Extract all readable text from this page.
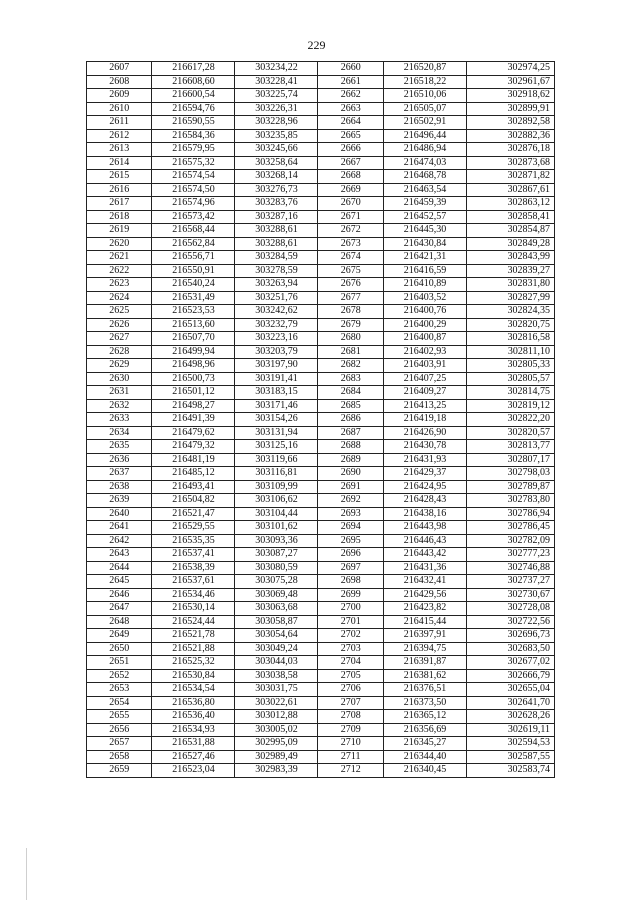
229
2607	216617,28	303234,22	2660	216520,87	302974,25
2608	216608,60	303228,41	2661	216518,22	302961,67
2609	216600,54	303225,74	2662	216510,06	302918,62
2610	216594,76	303226,31	2663	216505,07	302899,91
2611	216590,55	303228,96	2664	216502,91	302892,58
2612	216584,36	303235,85	2665	216496,44	302882,36
2613	216579,95	303245,66	2666	216486,94	302876,18
2614	216575,32	303258,64	2667	216474,03	302873,68
2615	216574,54	303268,14	2668	216468,78	302871,82
2616	216574,50	303276,73	2669	216463,54	302867,61
2617	216574,96	303283,76	2670	216459,39	302863,12
2618	216573,42	303287,16	2671	216452,57	302858,41
2619	216568,44	303288,61	2672	216445,30	302854,87
2620	216562,84	303288,61	2673	216430,84	302849,28
2621	216556,71	303284,59	2674	216421,31	302843,99
2622	216550,91	303278,59	2675	216416,59	302839,27
2623	216540,24	303263,94	2676	216410,89	302831,80
2624	216531,49	303251,76	2677	216403,52	302827,99
2625	216523,53	303242,62	2678	216400,76	302824,35
2626	216513,60	303232,79	2679	216400,29	302820,75
2627	216507,70	303223,16	2680	216400,87	302816,58
2628	216499,94	303203,79	2681	216402,93	302811,10
2629	216498,96	303197,90	2682	216403,91	302805,33
2630	216500,73	303191,41	2683	216407,25	302805,57
2631	216501,12	303183,15	2684	216409,27	302814,75
2632	216498,27	303171,46	2685	216413,25	302819,12
2633	216491,39	303154,26	2686	216419,18	302822,20
2634	216479,62	303131,94	2687	216426,90	302820,57
2635	216479,32	303125,16	2688	216430,78	302813,77
2636	216481,19	303119,66	2689	216431,93	302807,17
2637	216485,12	303116,81	2690	216429,37	302798,03
2638	216493,41	303109,99	2691	216424,95	302789,87
2639	216504,82	303106,62	2692	216428,43	302783,80
2640	216521,47	303104,44	2693	216438,16	302786,94
2641	216529,55	303101,62	2694	216443,98	302786,45
2642	216535,35	303093,36	2695	216446,43	302782,09
2643	216537,41	303087,27	2696	216443,42	302777,23
2644	216538,39	303080,59	2697	216431,36	302746,88
2645	216537,61	303075,28	2698	216432,41	302737,27
2646	216534,46	303069,48	2699	216429,56	302730,67
2647	216530,14	303063,68	2700	216423,82	302728,08
2648	216524,44	303058,87	2701	216415,44	302722,56
2649	216521,78	303054,64	2702	216397,91	302696,73
2650	216521,88	303049,24	2703	216394,75	302683,50
2651	216525,32	303044,03	2704	216391,87	302677,02
2652	216530,84	303038,58	2705	216381,62	302666,79
2653	216534,54	303031,75	2706	216376,51	302655,04
2654	216536,80	303022,61	2707	216373,50	302641,70
2655	216536,40	303012,88	2708	216365,12	302628,26
2656	216534,93	303005,02	2709	216356,69	302619,11
2657	216531,88	302995,09	2710	216345,27	302594,53
2658	216527,46	302989,49	2711	216344,40	302587,55
2659	216523,04	302983,39	2712	216340,45	302583,74
